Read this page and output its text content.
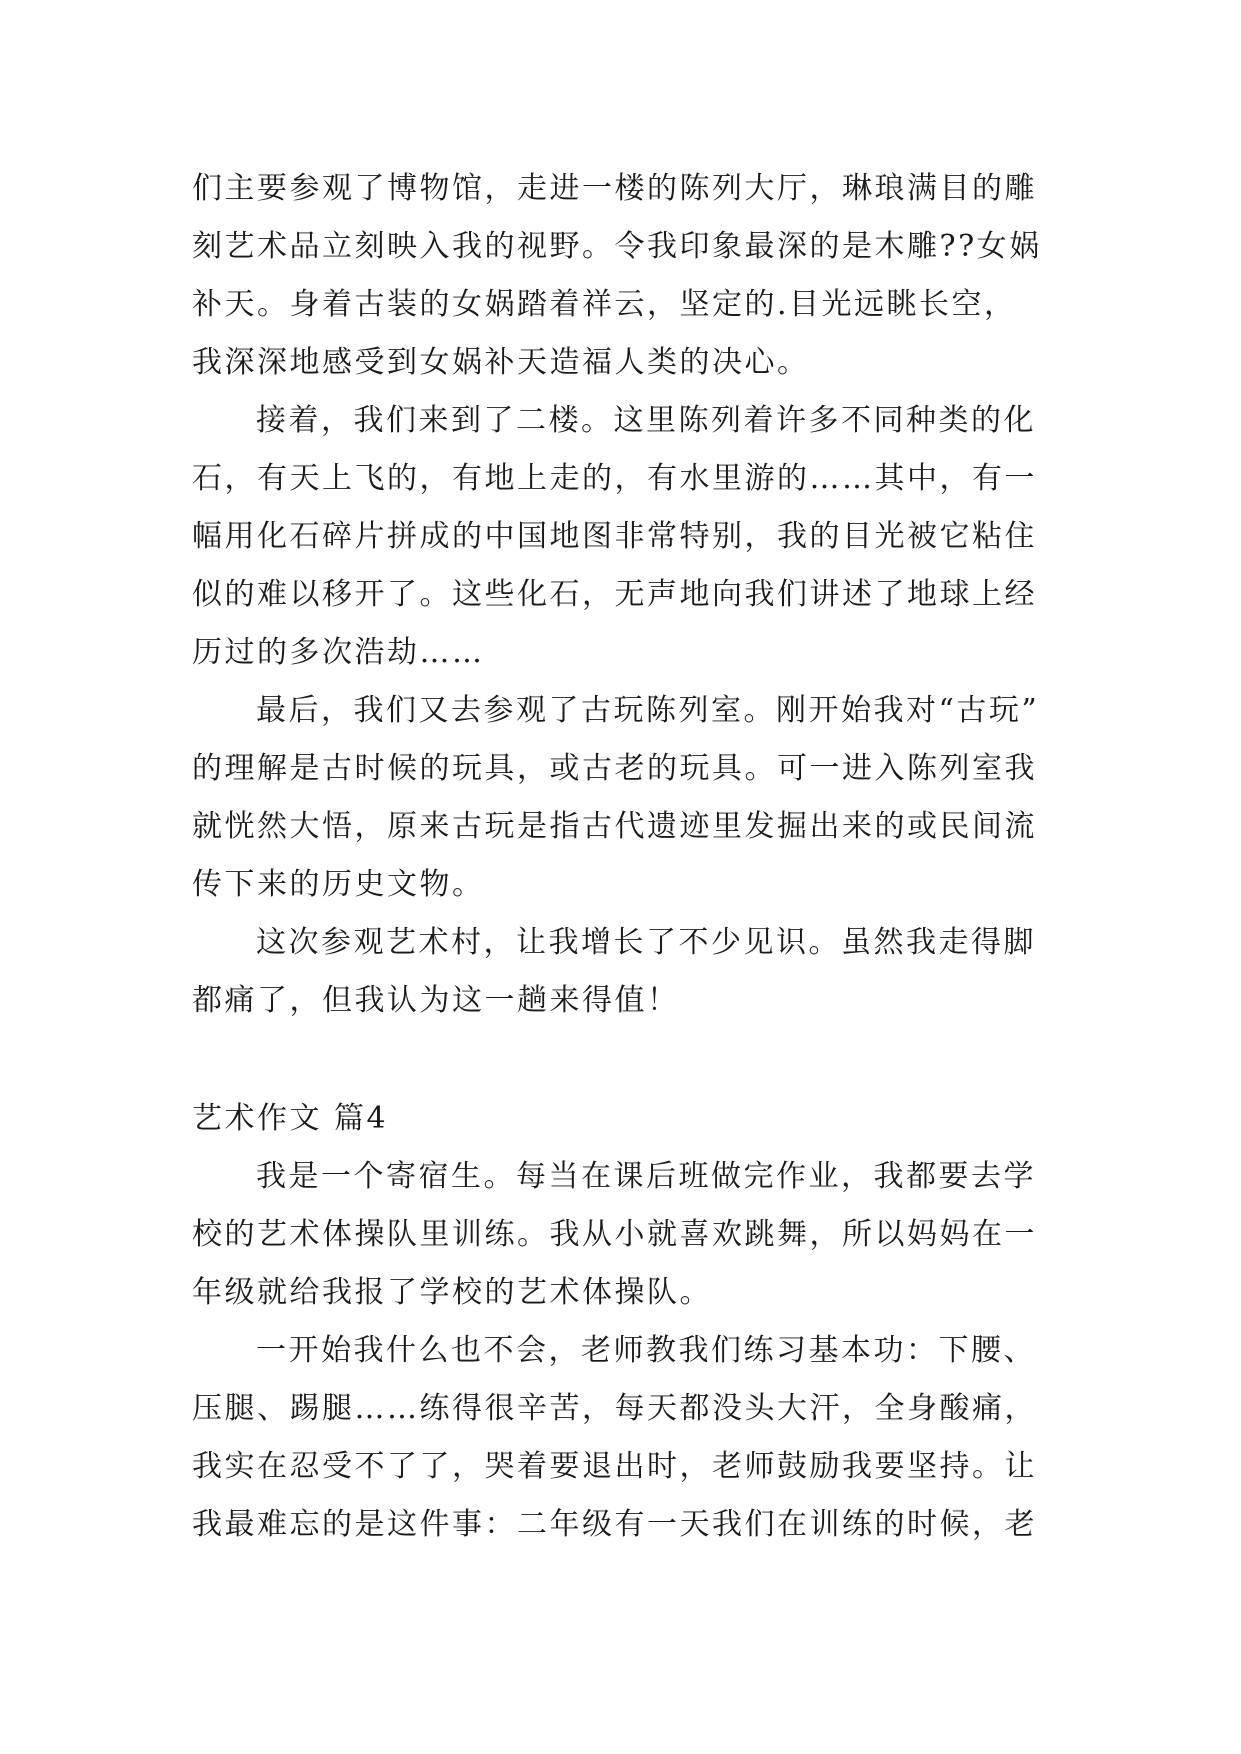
们主要参观了博物馆，走进一楼的陈列大厅，琳琅满目的雕
刻艺术品立刻映入我的视野。令我印象最深的是木雕??女娲
补天。身着古装的女娲踏着祥云，坚定的.目光远眺长空，
我深深地感受到女娲补天造福人类的决心。
接着，我们来到了二楼。这里陈列着许多不同种类的化
石，有天上飞的，有地上走的，有水里游的……其中，有一
幅用化石碎片拼成的中国地图非常特别，我的目光被它粘住
似的难以移开了。这些化石，无声地向我们讲述了地球上经
历过的多次浩劫……
最后，我们又去参观了古玩陈列室。刚开始我对“古玩”
的理解是古时候的玩具，或古老的玩具。可一进入陈列室我
就恍然大悟，原来古玩是指古代遗迹里发掘出来的或民间流
传下来的历史文物。
这次参观艺术村，让我增长了不少见识。虽然我走得脚
都痛了，但我认为这一趟来得值！
艺术作文 篇4
我是一个寄宿生。每当在课后班做完作业，我都要去学
校的艺术体操队里训练。我从小就喜欢跳舞，所以妈妈在一
年级就给我报了学校的艺术体操队。
一开始我什么也不会，老师教我们练习基本功：下腰、
压腿、踢腿……练得很辛苦，每天都没头大汗，全身酸痛，
我实在忍受不了了，哭着要退出时，老师鼓励我要坚持。让
我最难忘的是这件事：二年级有一天我们在训练的时候，老
